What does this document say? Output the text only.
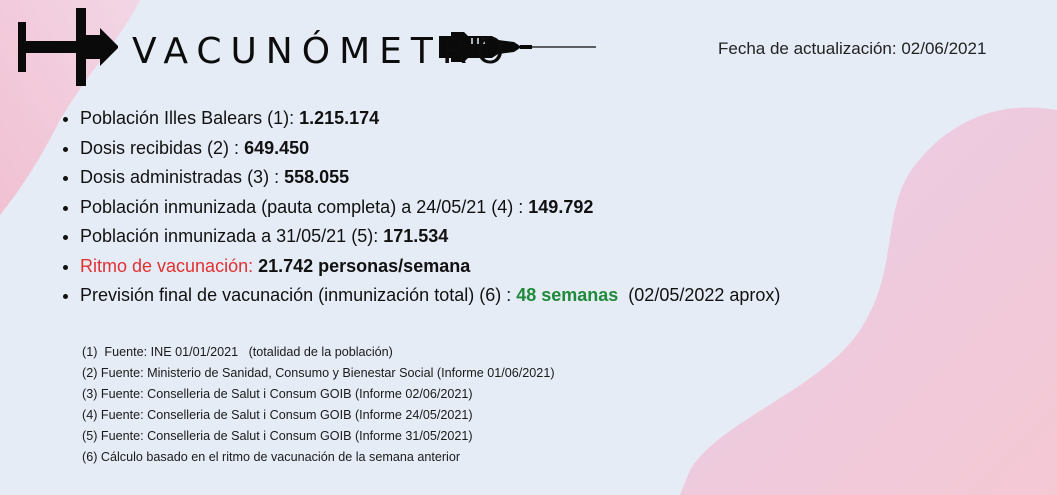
VACUNÓMETRO	Fecha de actualización: 02/06/2021
• Población Illes Balears (1): 1.215.174
• Dosis recibidas (2) : 649.450
• Dosis administradas (3) : 558.055
• Población inmunizada (pauta completa) a 24/05/21 (4) : 149.792
• Población inmunizada a 31/05/21 (5): 171.534
• Ritmo de vacunación: 21.742 personas/semana
• Previsión final de vacunación (inmunización total) (6) : 48 semanas  (02/05/2022 aprox)
(1)  Fuente: INE 01/01/2021   (totalidad de la población)
(2) Fuente: Ministerio de Sanidad, Consumo y Bienestar Social (Informe 01/06/2021)
(3) Fuente: Conselleria de Salut i Consum GOIB (Informe 02/06/2021)
(4) Fuente: Conselleria de Salut i Consum GOIB (Informe 24/05/2021)
(5) Fuente: Conselleria de Salut i Consum GOIB (Informe 31/05/2021)
(6) Cálculo basado en el ritmo de vacunación de la semana anterior
